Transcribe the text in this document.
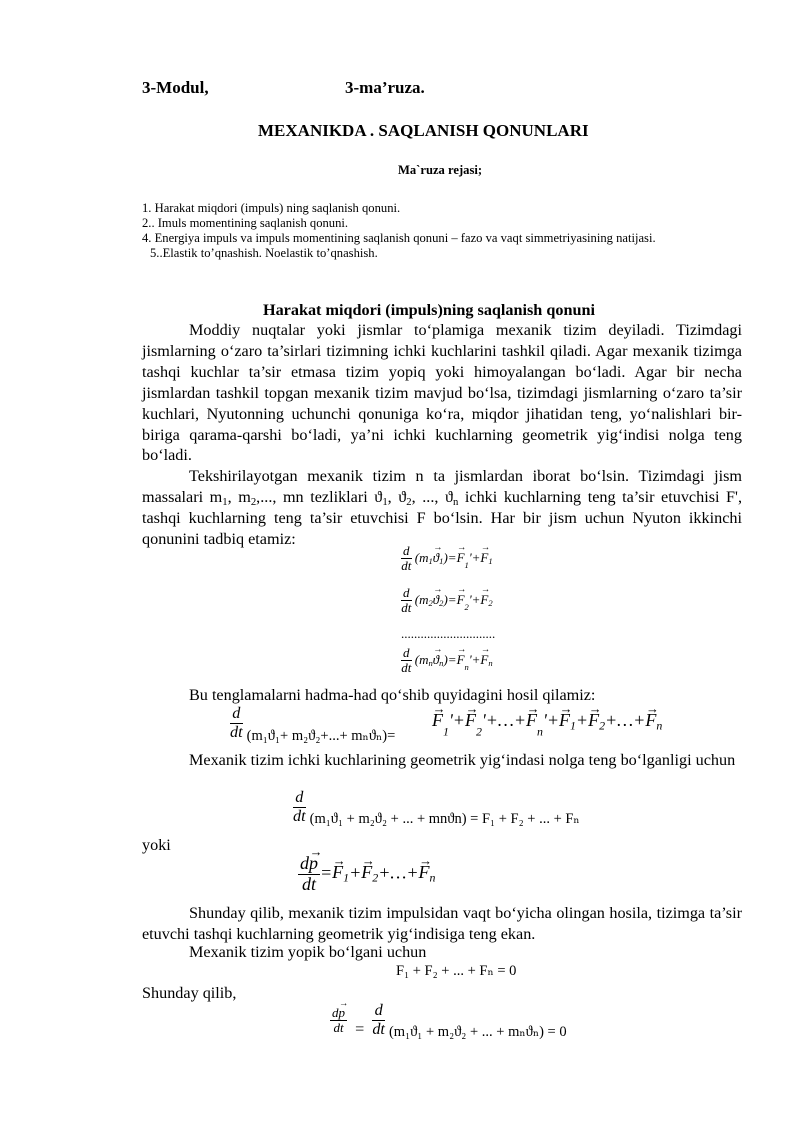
3-Modul,	3-ma’ruza.
MEXANIKDA . SAQLANISH QONUNLARI
Ma`ruza rejasi;
1. Harakat miqdori (impuls) ning saqlanish qonuni.
2.. Imuls momentining saqlanish qonuni.
4. Energiya impuls va impuls momentining saqlanish qonuni – fazo va vaqt simmetriyasining natijasi.
5..Elastik to’qnashish. Noelastik to’qnashish.
Harakat miqdori (impuls)ning saqlanish qonuni
Moddiy nuqtalar yoki jismlar to‘plamiga mexanik tizim deyiladi. Tizimdagi jismlarning o‘zaro ta’sirlari tizimning ichki kuchlarini tashkil qiladi. Agar mexanik tizimga tashqi kuchlar ta’sir etmasa tizim yopiq yoki himoyalangan bo‘ladi. Agar bir necha jismlardan tashkil topgan mexanik tizim mavjud bo‘lsa, tizimdagi jismlarning o‘zaro ta’sir kuchlari, Nyutonning uchunchi qonuniga ko‘ra, miqdor jihatidan teng, yo‘nalishlari bir-biriga qarama-qarshi bo‘ladi, ya’ni ichki kuchlarning geometrik yig‘indisi nolga teng bo‘ladi.
Tekshirilayotgan mexanik tizim n ta jismlardan iborat bo‘lsin. Tizimdagi jism massalari $m_1$, $m_2$,..., mn tezliklari $ϑ_1$, $ϑ_2$, ..., $ϑ_n$ ichki kuchlarning teng ta’sir etuvchisi F', tashqi kuchlarning teng ta’sir etuvchisi F bo‘lsin. Har bir jism uchun Nyuton ikkinchi qonunini tadbiq etamiz:
$\frac{d}{dt} (m_1\to ϑ_1)=\to$ $F_1ʹ+\to F_1$
$\frac{d}{dt} (m_2\to ϑ_2)=\to$ $F_2ʹ+\to F_2$
.............................
$\frac{d}{dt} (m_n\to ϑ_n)=\to$ $F_nʹ+\to F_n$
Bu tenglamalarni hadma-had qo‘shib quyidagini hosil qilamiz:
$\frac{d}{dt} (m_1ϑ_1+ m_2ϑ_2+...+ m_nϑ_n)=$
→ $F_1ʹ+\to$ $F_2ʹ+\dots+\to$ $F_nʹ+\to F_1+\to$ $F_2+\dots+\to F_n$
Mexanik tizim ichki kuchlarining geometrik yig‘indasi nolga teng bo‘lganligi uchun
$\frac{d}{dt} (m_1ϑ_1 + m_2ϑ_2$ + ... + mnϑn) = F₁ + F₂ + ... + Fₙ
yoki
$\frac{d\to p}{dt} =\to F_1+\to$ $F_2+\dots+\to F_n$
Shunday qilib, mexanik tizim impulsidan vaqt bo‘yicha olingan hosila, tizimga ta’sir etuvchi tashqi kuchlarning geometrik yig‘indisiga teng ekan.
Mexanik tizim yopik bo‘lgani uchun
F₁ + F₂ + ... + Fₙ = 0
Shunday qilib,
$\frac{d\to p}{dt} = \frac{d}{dt} (m_1ϑ_1 + m_2ϑ_2$ + ... + mₙϑₙ) = 0
